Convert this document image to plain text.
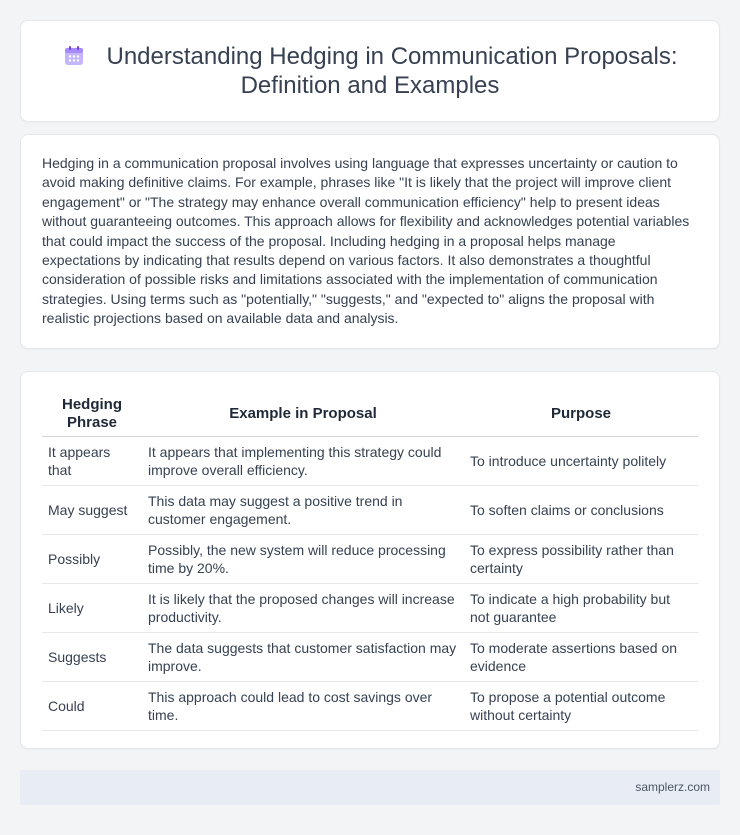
Understanding Hedging in Communication Proposals: Definition and Examples

Hedging in a communication proposal involves using language that expresses uncertainty or caution to avoid making definitive claims. For example, phrases like "It is likely that the project will improve client engagement" or "The strategy may enhance overall communication efficiency" help to present ideas without guaranteeing outcomes. This approach allows for flexibility and acknowledges potential variables that could impact the success of the proposal. Including hedging in a proposal helps manage expectations by indicating that results depend on various factors. It also demonstrates a thoughtful consideration of possible risks and limitations associated with the implementation of communication strategies. Using terms such as "potentially," "suggests," and "expected to" aligns the proposal with realistic projections based on available data and analysis.

Hedging Phrase	Example in Proposal	Purpose
It appears that	It appears that implementing this strategy could improve overall efficiency.	To introduce uncertainty politely
May suggest	This data may suggest a positive trend in customer engagement.	To soften claims or conclusions
Possibly	Possibly, the new system will reduce processing time by 20%.	To express possibility rather than certainty
Likely	It is likely that the proposed changes will increase productivity.	To indicate a high probability but not guarantee
Suggests	The data suggests that customer satisfaction may improve.	To moderate assertions based on evidence
Could	This approach could lead to cost savings over time.	To propose a potential outcome without certainty
samplerz.com
